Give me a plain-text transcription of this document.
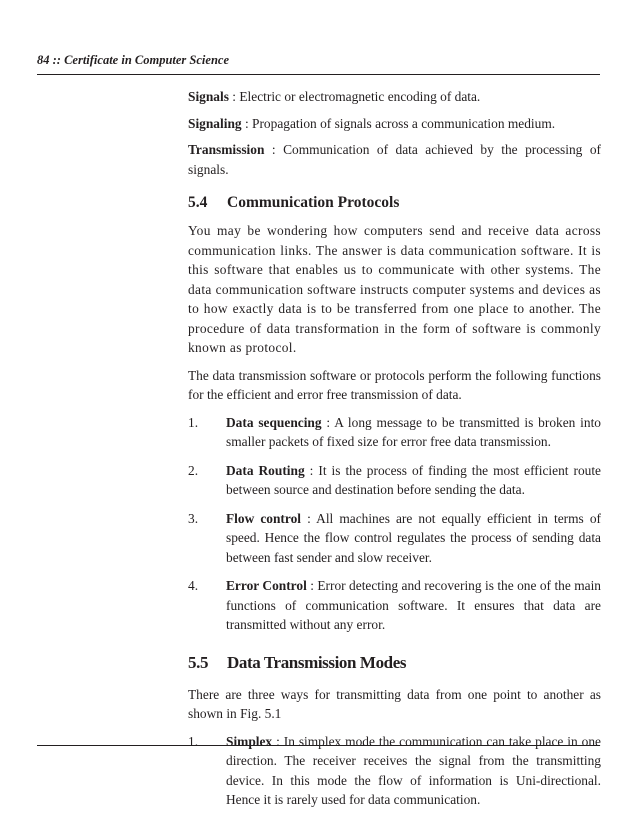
84 :: Certificate in Computer Science

Signals : Electric or electromagnetic encoding of data.

Signaling : Propagation of signals across a communication medium.

Transmission : Communication of data achieved by the processing of signals.

5.4	Communication Protocols

You may be wondering how computers send and receive data across communication links. The answer is data communication software. It is this software that enables us to communicate with other systems. The data communication software instructs computer systems and devices as to how exactly data is to be transferred from one place to another. The procedure of data transformation in the form of software is commonly known as protocol.

The data transmission software or protocols perform the following functions for the efficient and error free transmission of data.

1.	Data sequencing : A long message to be transmitted is broken into smaller packets of fixed size for error free data transmission.
2.	Data Routing : It is the process of finding the most efficient route between source and destination before sending the data.
3.	Flow control : All machines are not equally efficient in terms of speed. Hence the flow control regulates the process of sending data between fast sender and slow receiver.
4.	Error Control : Error detecting and recovering is the one of the main functions of communication software. It ensures that data are transmitted without any error.
5.5	Data Transmission Modes

There are three ways for transmitting data from one point to another as shown in Fig. 5.1

1.	Simplex : In simplex mode the communication can take place in one direction. The receiver receives the signal from the transmitting device. In this mode the flow of information is Uni-directional. Hence it is rarely used for data communication.
